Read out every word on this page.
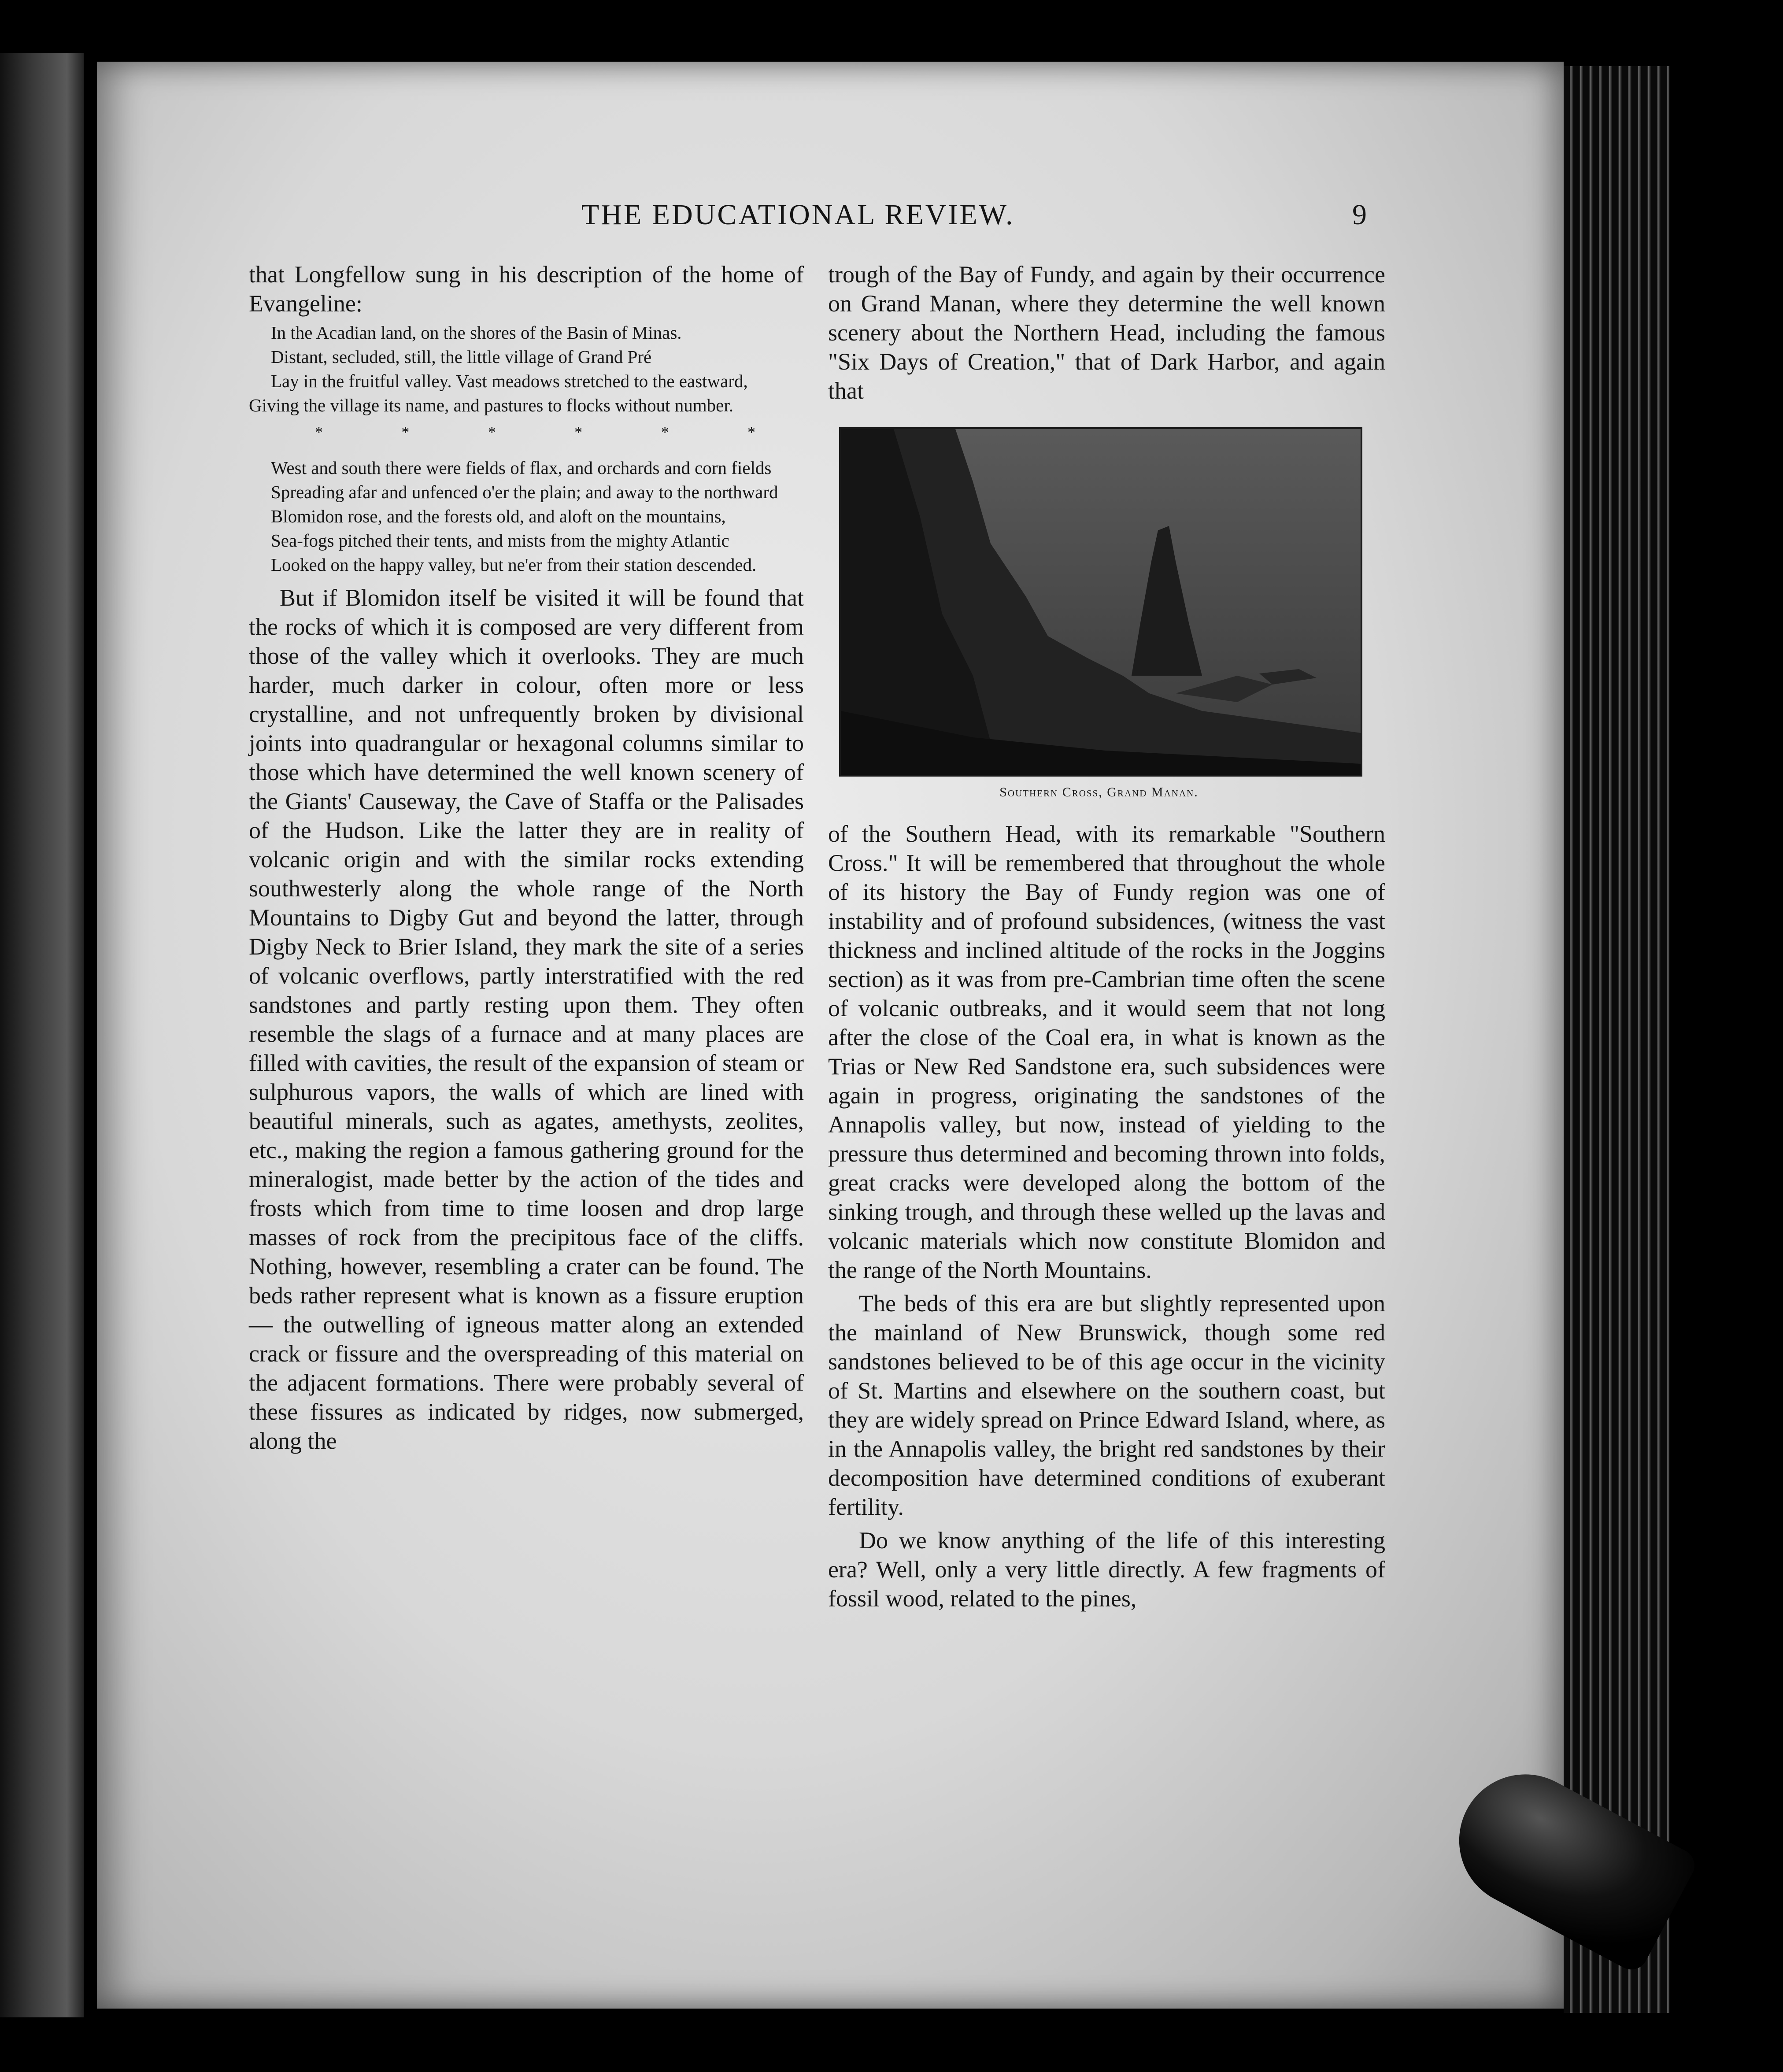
THE EDUCATIONAL REVIEW.	9

that Longfellow sung in his description of the home of Evangeline:

In the Acadian land, on the shores of the Basin of Minas.

Distant, secluded, still, the little village of Grand Pré

Lay in the fruitful valley. Vast meadows stretched to the eastward,

Giving the village its name, and pastures to flocks without number.

*	*	*	*	*	*

West and south there were fields of flax, and orchards and corn fields

Spreading afar and unfenced o'er the plain; and away to the northward

Blomidon rose, and the forests old, and aloft on the mountains,

Sea-fogs pitched their tents, and mists from the mighty Atlantic

Looked on the happy valley, but ne'er from their station descended.

But if Blomidon itself be visited it will be found that the rocks of which it is composed are very different from those of the valley which it overlooks. They are much harder, much darker in colour, often more or less crystalline, and not unfrequently broken by divisional joints into quadrangular or hexagonal columns similar to those which have determined the well known scenery of the Giants' Causeway, the Cave of Staffa or the Palisades of the Hudson. Like the latter they are in reality of volcanic origin and with the similar rocks extending southwesterly along the whole range of the North Mountains to Digby Gut and beyond the latter, through Digby Neck to Brier Island, they mark the site of a series of volcanic overflows, partly interstratified with the red sandstones and partly resting upon them. They often resemble the slags of a furnace and at many places are filled with cavities, the result of the expansion of steam or sulphurous vapors, the walls of which are lined with beautiful minerals, such as agates, amethysts, zeolites, etc., making the region a famous gathering ground for the mineralogist, made better by the action of the tides and frosts which from time to time loosen and drop large masses of rock from the precipitous face of the cliffs. Nothing, however, resembling a crater can be found. The beds rather represent what is known as a fissure eruption — the outwelling of igneous matter along an extended crack or fissure and the overspreading of this material on the adjacent formations. There were probably several of these fissures as indicated by ridges, now submerged, along the

trough of the Bay of Fundy, and again by their occurrence on Grand Manan, where they determine the well known scenery about the Northern Head, including the famous "Six Days of Creation," that of Dark Harbor, and again that

Southern Cross, Grand Manan.

of the Southern Head, with its remarkable "Southern Cross." It will be remembered that throughout the whole of its history the Bay of Fundy region was one of instability and of profound subsidences, (witness the vast thickness and inclined altitude of the rocks in the Joggins section) as it was from pre-Cambrian time often the scene of volcanic outbreaks, and it would seem that not long after the close of the Coal era, in what is known as the Trias or New Red Sandstone era, such subsidences were again in progress, originating the sandstones of the Annapolis valley, but now, instead of yielding to the pressure thus determined and becoming thrown into folds, great cracks were developed along the bottom of the sinking trough, and through these welled up the lavas and volcanic materials which now constitute Blomidon and the range of the North Mountains.

The beds of this era are but slightly represented upon the mainland of New Brunswick, though some red sandstones believed to be of this age occur in the vicinity of St. Martins and elsewhere on the southern coast, but they are widely spread on Prince Edward Island, where, as in the Annapolis valley, the bright red sandstones by their decomposition have determined conditions of exuberant fertility.

Do we know anything of the life of this interesting era? Well, only a very little directly. A few fragments of fossil wood, related to the pines,
